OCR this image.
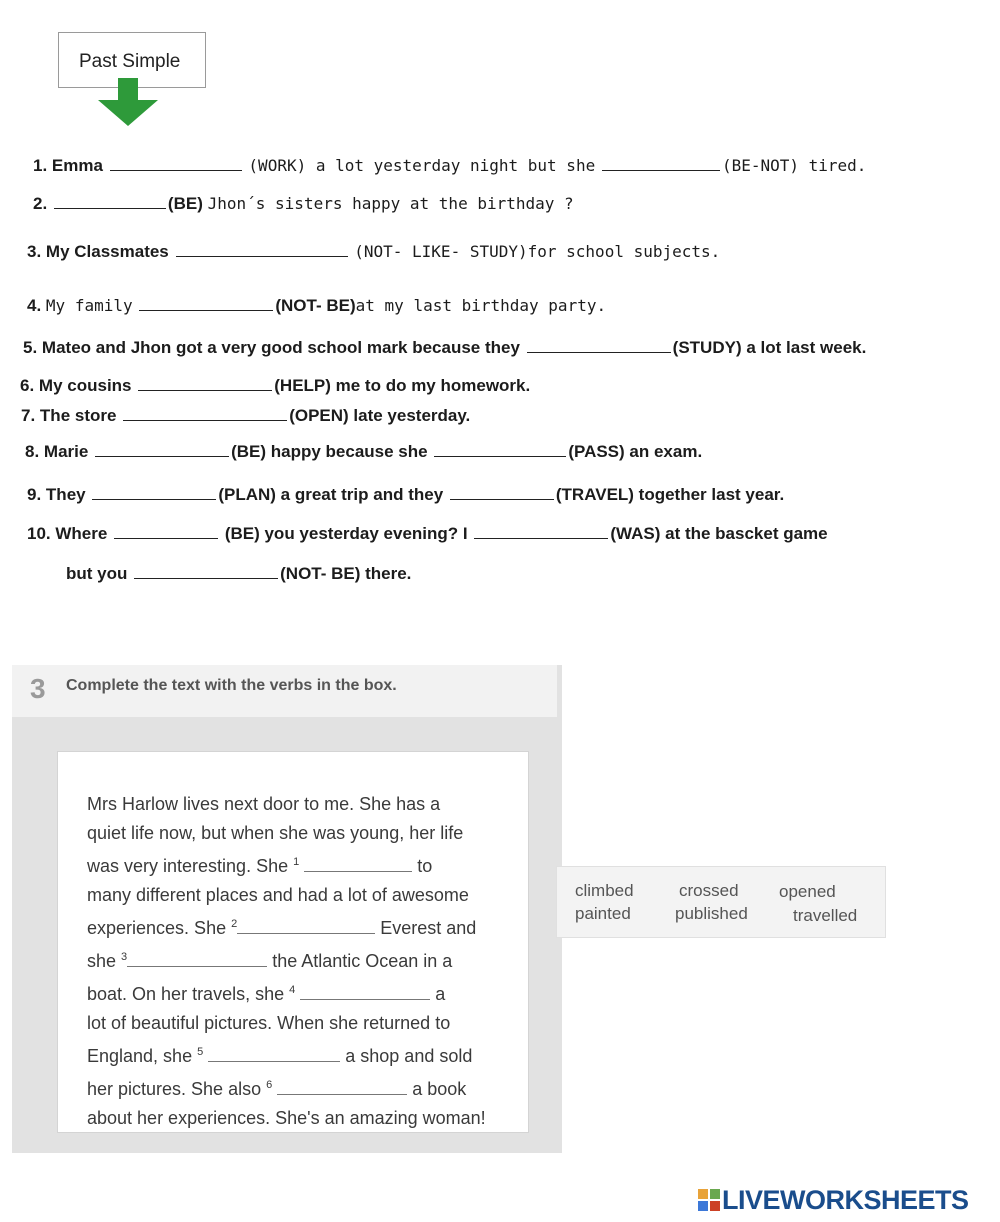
Past Simple
1. Emma	(WORK) a lot yesterday night but she	(BE-NOT) tired.
2.	(BE) Jhon´s sisters happy at the birthday ?
3. My Classmates	(NOT- LIKE- STUDY)for school subjects.
4. My family	(NOT- BE)at my last birthday party.
5. Mateo and Jhon got a very good school mark because they	(STUDY) a lot last week.
6. My cousins	(HELP) me to do my homework.
7. The store	(OPEN) late yesterday.
8. Marie	(BE) happy because she	(PASS) an exam.
9. They	(PLAN) a great trip and they	(TRAVEL) together last year.
10. Where	(BE) you yesterday evening? I	(WAS) at the bascket game
but you	(NOT- BE) there.
3 Complete the text with the verbs in the box.
Mrs Harlow lives next door to me. She has a
quiet life now, but when she was young, her life
was very interesting. She $^1$	to
many different places and had a lot of awesome
experiences. She $^2$	Everest and
she $^3$	the Atlantic Ocean in a
boat. On her travels, she $^4$	a
lot of beautiful pictures. When she returned to
England, she $^5$	a shop and sold
her pictures. She also $^6$	a book
about her experiences. She's an amazing woman!
climbed	crossed opened
painted	published	travelled
LIVEWORKSHEETS
